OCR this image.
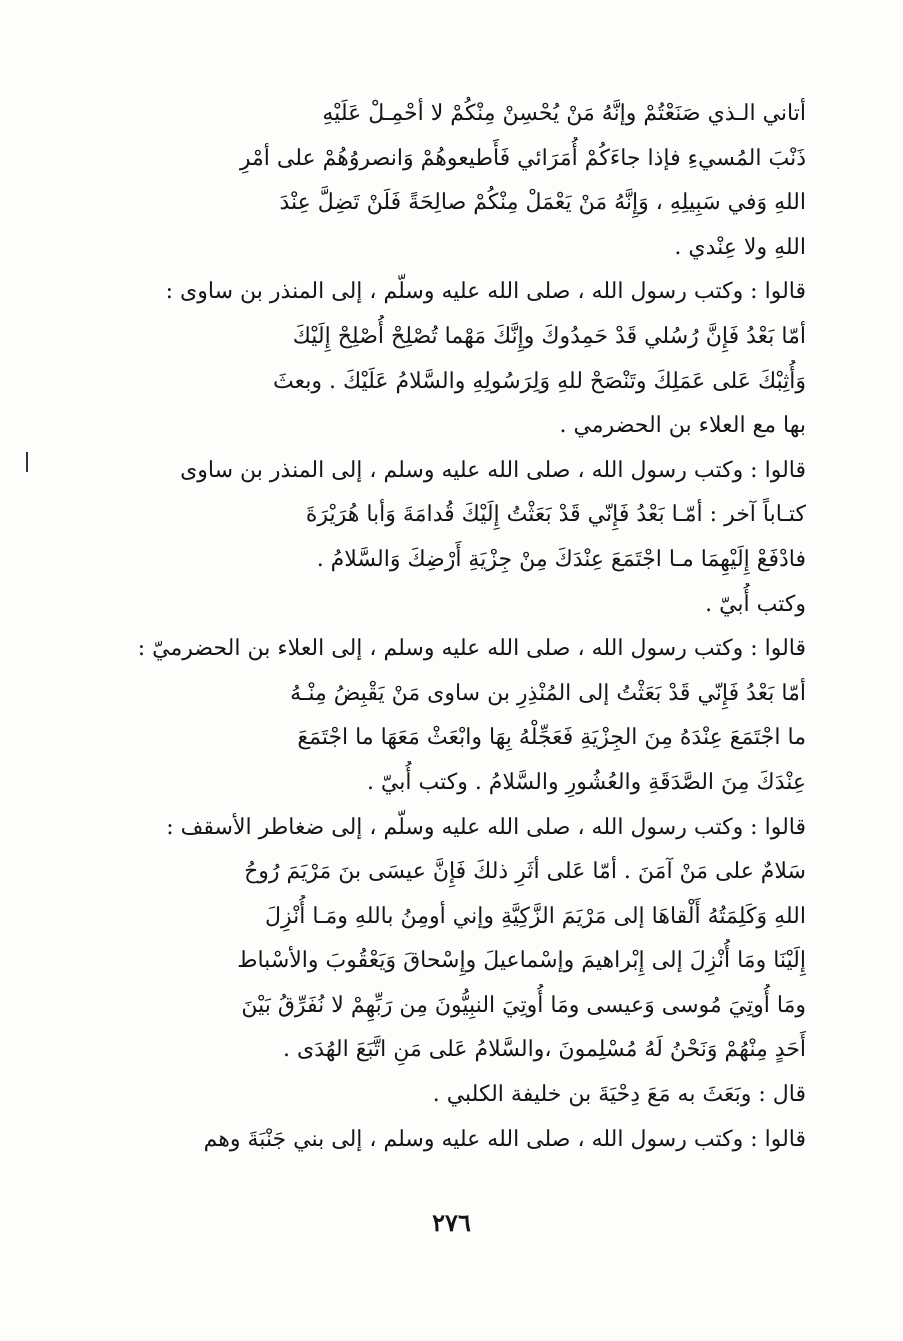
أتاني الـذي صَنَعْتُمْ وإنَّهُ مَنْ يُحْسِنْ مِنْكُمْ لا أحْمِـلْ عَلَيْهِ
ذَنْبَ المُسيءِ فإذا جاءَكُمْ أُمَرَائي فَأَطيعوهُمْ وَانصروُهُمْ على أمْرِ
اللهِ وَفي سَبِيلِهِ ، وَإِنَّهُ مَنْ يَعْمَلْ مِنْكُمْ صالِحَةً فَلَنْ تَضِلَّ عِنْدَ
اللهِ ولا عِنْدي .
قالوا : وكتب رسول الله ، صلى الله عليه وسلّم ، إلى المنذر بن ساوى :
أمّا بَعْدُ فَإِنَّ رُسُلي قَدْ حَمِدُوكَ وإِنَّكَ مَهْما تُصْلِحْ أُصْلِحْ إِلَيْكَ
وَأُثِبْكَ عَلى عَمَلِكَ وتَنْصَحْ للهِ وَلِرَسُولِهِ والسَّلامُ عَلَيْكَ . وبعثَ
بها مع العلاء بن الحضرمي .
قالوا : وكتب رسول الله ، صلى الله عليه وسلم ، إلى المنذر بن ساوى
كتـاباً آخر : أمّـا بَعْدُ فَإِنّي قَدْ بَعَثْتُ إِلَيْكَ قُدامَةَ وَأبا هُرَيْرَةَ
فادْفَعْ إِلَيْهِمَا مـا اجْتَمَعَ عِنْدَكَ مِنْ جِزْيَةِ أَرْضِكَ وَالسَّلامُ .
وكتب أُبيّ .
قالوا : وكتب رسول الله ، صلى الله عليه وسلم ، إلى العلاء بن الحضرميّ :
أمّا بَعْدُ فَإِنّي قَدْ بَعَثْتُ إلى المُنْذِرِ بن ساوى مَنْ يَقْبِضُ مِنْـهُ
ما اجْتَمَعَ عِنْدَهُ مِنَ الجِزْيَةِ فَعَجِّلْهُ بِهَا وابْعَثْ مَعَهَا ما اجْتَمَعَ
عِنْدَكَ مِنَ الصَّدَقَةِ والعُشُورِ والسَّلامُ . وكتب أُبيّ .
قالوا : وكتب رسول الله ، صلى الله عليه وسلّم ، إلى ضغاطر الأسقف :
سَلامٌ على مَنْ آمَنَ . أمّا عَلى أثَرِ ذلكَ فَإِنَّ عيسَى بنَ مَرْيَمَ رُوحُ
اللهِ وَكَلِمَتُهُ أَلْقاهَا إلى مَرْيَمَ الزَّكِيَّةِ وإني أومِنُ باللهِ ومَـا أُنْزِلَ
إِلَيْنَا ومَا أُنْزِلَ إلى إِبْراهيمَ وإسْماعيلَ وإِسْحاقَ وَيَعْقُوبَ والأسْباط
ومَا أُوتِيَ مُوسى وَعيسى ومَا أُوتِيَ النبِيُّونَ مِن رَبِّهِمْ لا نُفَرِّقُ بَيْنَ
أَحَدٍ مِنْهُمْ وَنَحْنُ لَهُ مُسْلِمونَ ،والسَّلامُ عَلى مَنِ اتَّبَعَ الهُدَى .
قال : وبَعَثَ به مَعَ دِحْيَةَ بن خليفة الكلبي .
قالوا : وكتب رسول الله ، صلى الله عليه وسلم ، إلى بني جَنْبَةَ وهم
٢٧٦
